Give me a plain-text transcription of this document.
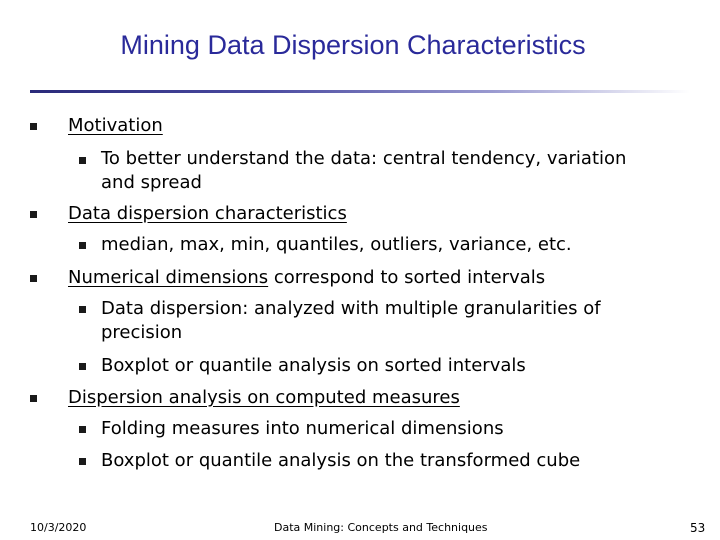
Mining Data Dispersion Characteristics
Motivation
To better understand the data: central tendency, variation and spread
Data dispersion characteristics
median, max, min, quantiles, outliers, variance, etc.
Numerical dimensions correspond to sorted intervals
Data dispersion: analyzed with multiple granularities of precision
Boxplot or quantile analysis on sorted intervals
Dispersion analysis on computed measures
Folding measures into numerical dimensions
Boxplot or quantile analysis on the transformed cube
10/3/2020	Data Mining: Concepts and Techniques	53
